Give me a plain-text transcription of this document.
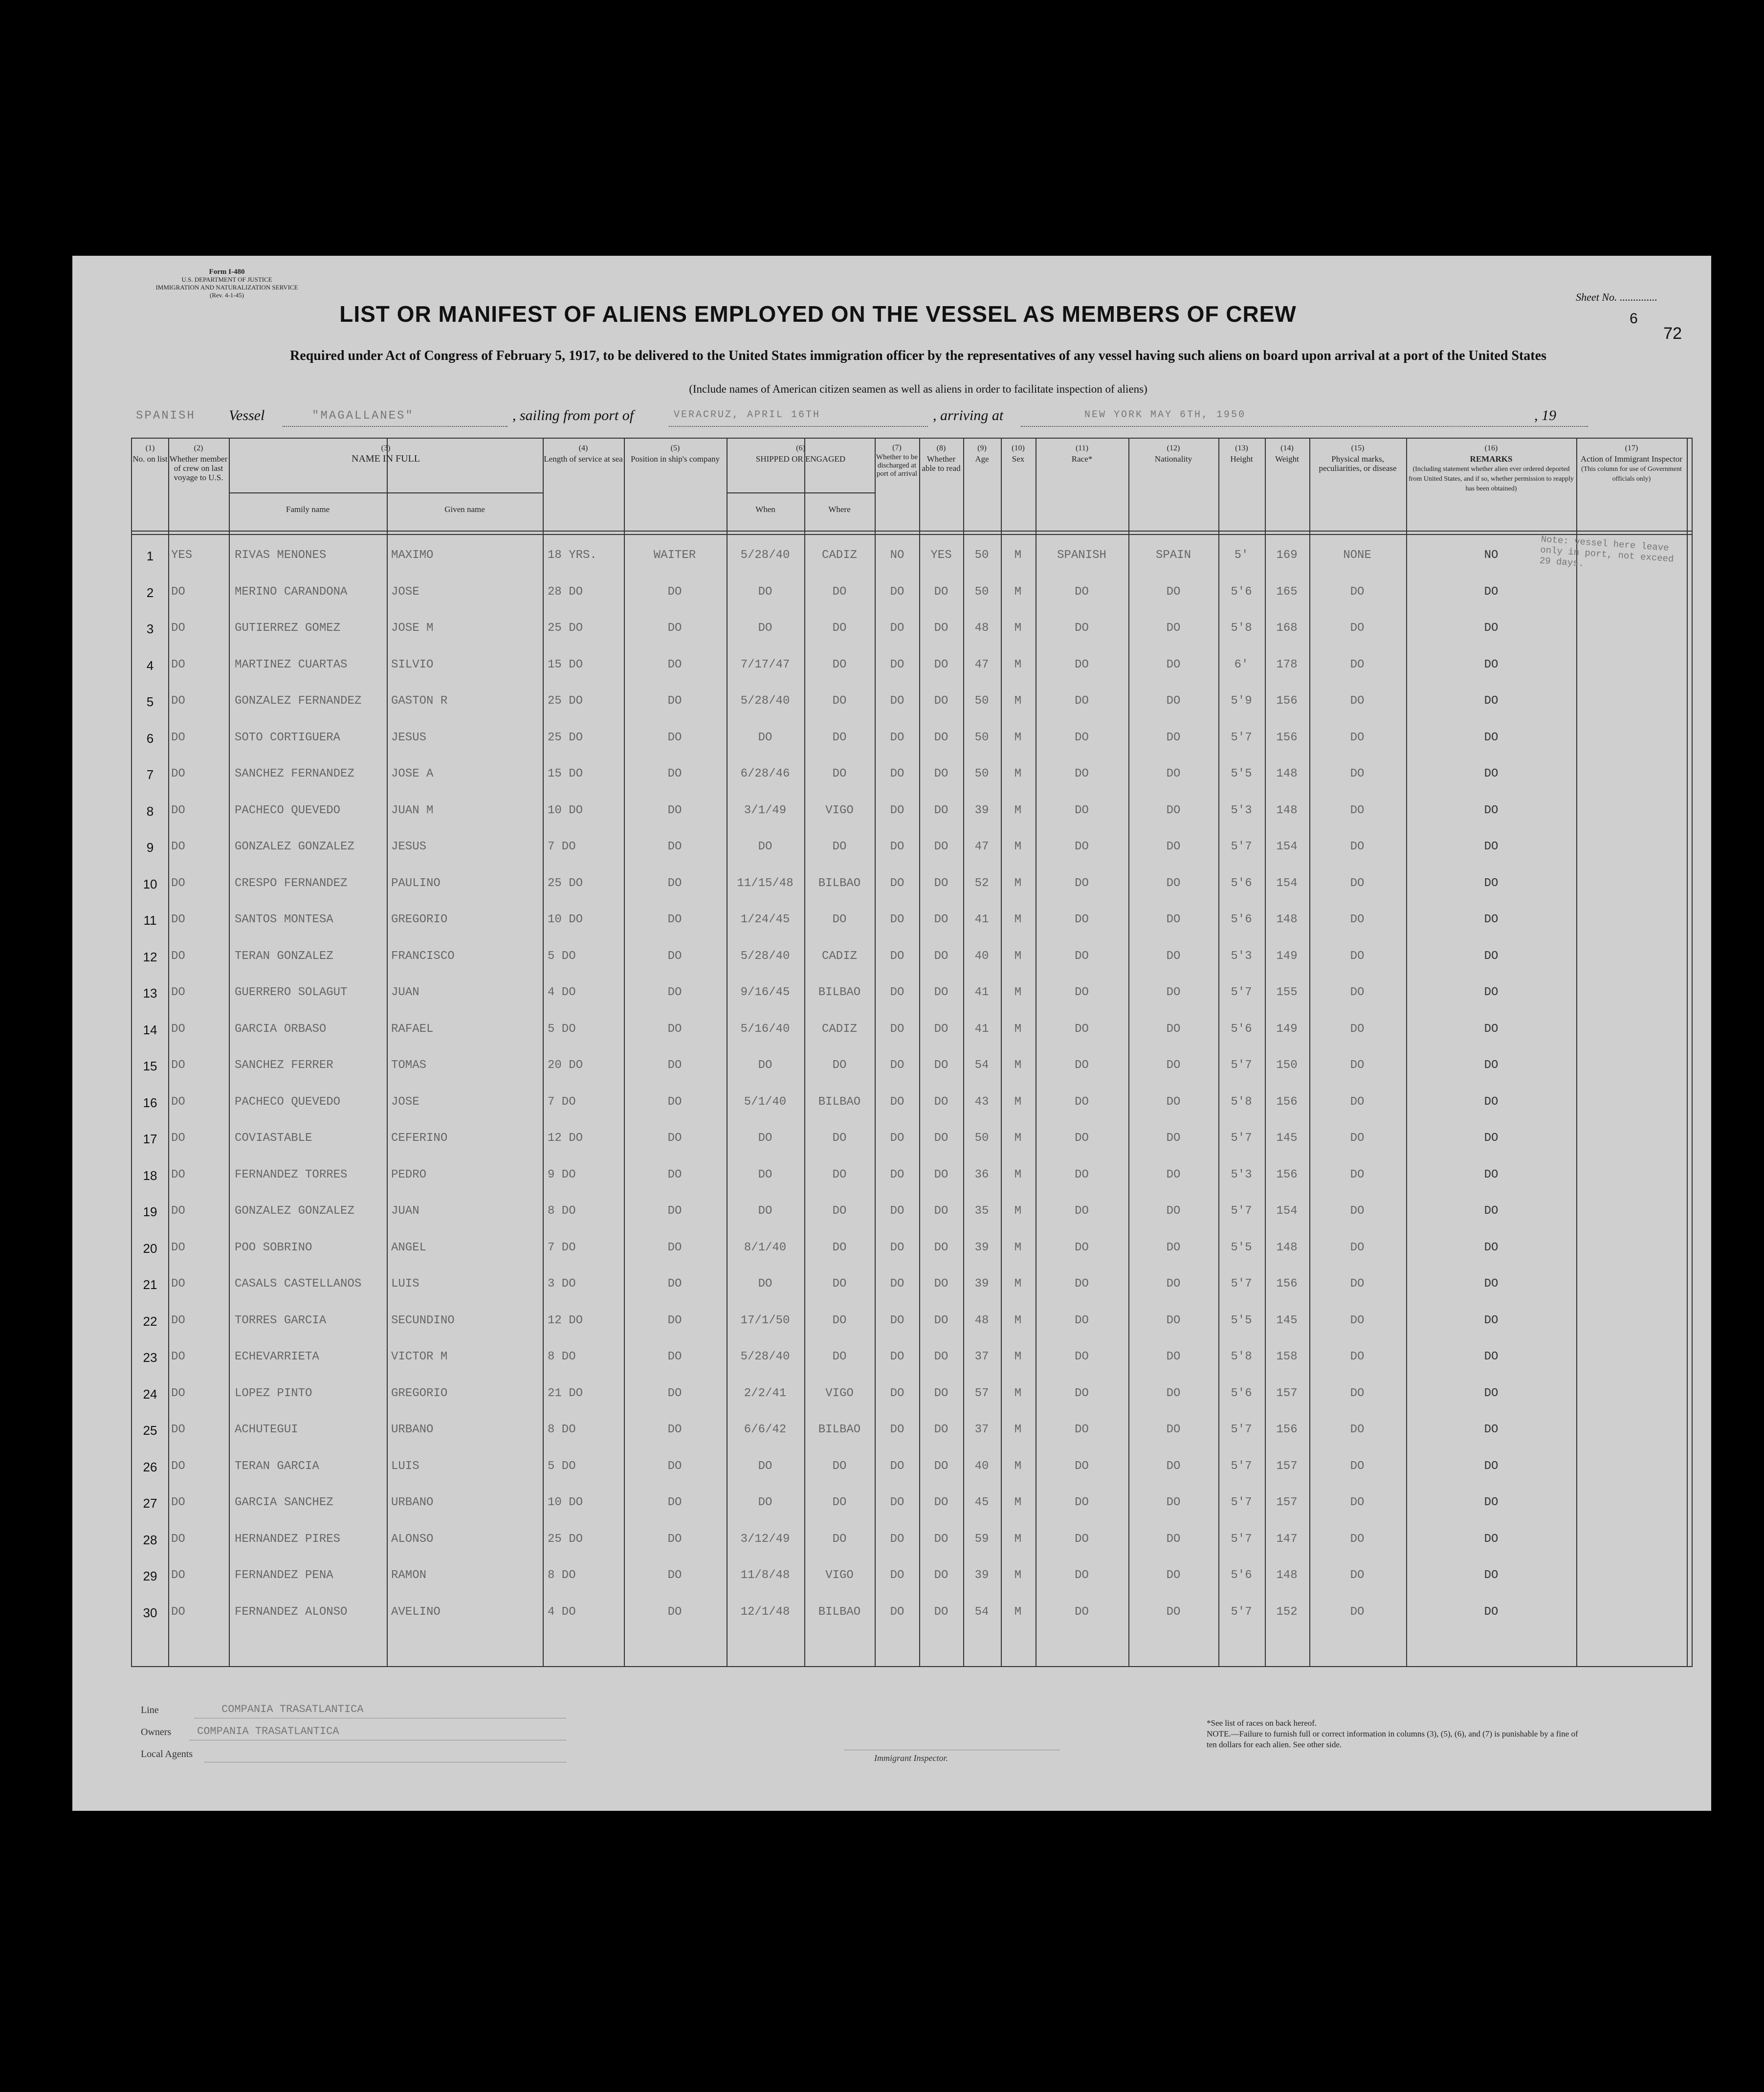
Form I-480
U.S. DEPARTMENT OF JUSTICE
IMMIGRATION AND NATURALIZATION SERVICE
(Rev. 4-1-45)	Sheet No. ..............
6
72
LIST OR MANIFEST OF ALIENS EMPLOYED ON THE VESSEL AS MEMBERS OF CREW
Required under Act of Congress of February 5, 1917, to be delivered to the United States immigration officer by the representatives of any vessel having such aliens on board upon arrival at a port of the United States
(Include names of American citizen seamen as well as aliens in order to facilitate inspection of aliens)
SPANISH Vessel	"MAGALLANES"	, sailing from port of	VERACRUZ, APRIL 16TH	, arriving at	NEW YORK MAY 6TH, 1950	, 19
(1)
No. on list
(2)
Whether member of crew on last voyage to U.S.
(3)
NAME IN FULL
Family name	Given name
(4)
Length of service at sea
(5)
Position in ship's company
(6)
SHIPPED OR ENGAGED
When	Where
(7)
Whether to be discharged at port of arrival
(8)
Whether able to read
(9)
Age
(10)
Sex
(11)
Race*
(12)
Nationality
(13)
Height
(14)
Weight
(15)
Physical marks, peculiarities, or disease
(16)
REMARKS
(Including statement whether alien ever ordered deported from United States, and if so, whether permission to reapply has been obtained)
(17)
Action of Immigrant Inspector
(This column for use of Government officials only)
Note: vessel here leave only in port, not exceed 29 days.
1	YES	RIVAS MENONES	MAXIMO	18 YRS.	WAITER	5/28/40	CADIZ	NO	YES	50	M	SPANISH	SPAIN	5'	169	NONE	NO
2	DO	MERINO CARANDONA	JOSE	28 DO	DO	DO	DO	DO	DO	50	M	DO	DO	5'6	165	DO	DO
3	DO	GUTIERREZ GOMEZ	JOSE M	25 DO	DO	DO	DO	DO	DO	48	M	DO	DO	5'8	168	DO	DO
4	DO	MARTINEZ CUARTAS	SILVIO	15 DO	DO	7/17/47	DO	DO	DO	47	M	DO	DO	6'	178	DO	DO
5	DO	GONZALEZ FERNANDEZ	GASTON R	25 DO	DO	5/28/40	DO	DO	DO	50	M	DO	DO	5'9	156	DO	DO
6	DO	SOTO CORTIGUERA	JESUS	25 DO	DO	DO	DO	DO	DO	50	M	DO	DO	5'7	156	DO	DO
7	DO	SANCHEZ FERNANDEZ	JOSE A	15 DO	DO	6/28/46	DO	DO	DO	50	M	DO	DO	5'5	148	DO	DO
8	DO	PACHECO QUEVEDO	JUAN M	10 DO	DO	3/1/49	VIGO	DO	DO	39	M	DO	DO	5'3	148	DO	DO
9	DO	GONZALEZ GONZALEZ	JESUS	7 DO	DO	DO	DO	DO	DO	47	M	DO	DO	5'7	154	DO	DO
10	DO	CRESPO FERNANDEZ	PAULINO	25 DO	DO	11/15/48	BILBAO	DO	DO	52	M	DO	DO	5'6	154	DO	DO
11	DO	SANTOS MONTESA	GREGORIO	10 DO	DO	1/24/45	DO	DO	DO	41	M	DO	DO	5'6	148	DO	DO
12	DO	TERAN GONZALEZ	FRANCISCO	5 DO	DO	5/28/40	CADIZ	DO	DO	40	M	DO	DO	5'3	149	DO	DO
13	DO	GUERRERO SOLAGUT	JUAN	4 DO	DO	9/16/45	BILBAO	DO	DO	41	M	DO	DO	5'7	155	DO	DO
14	DO	GARCIA ORBASO	RAFAEL	5 DO	DO	5/16/40	CADIZ	DO	DO	41	M	DO	DO	5'6	149	DO	DO
15	DO	SANCHEZ FERRER	TOMAS	20 DO	DO	DO	DO	DO	DO	54	M	DO	DO	5'7	150	DO	DO
16	DO	PACHECO QUEVEDO	JOSE	7 DO	DO	5/1/40	BILBAO	DO	DO	43	M	DO	DO	5'8	156	DO	DO
17	DO	COVIASTABLE	CEFERINO	12 DO	DO	DO	DO	DO	DO	50	M	DO	DO	5'7	145	DO	DO
18	DO	FERNANDEZ TORRES	PEDRO	9 DO	DO	DO	DO	DO	DO	36	M	DO	DO	5'3	156	DO	DO
19	DO	GONZALEZ GONZALEZ	JUAN	8 DO	DO	DO	DO	DO	DO	35	M	DO	DO	5'7	154	DO	DO
20	DO	POO SOBRINO	ANGEL	7 DO	DO	8/1/40	DO	DO	DO	39	M	DO	DO	5'5	148	DO	DO
21	DO	CASALS CASTELLANOS	LUIS	3 DO	DO	DO	DO	DO	DO	39	M	DO	DO	5'7	156	DO	DO
22	DO	TORRES GARCIA	SECUNDINO	12 DO	DO	17/1/50	DO	DO	DO	48	M	DO	DO	5'5	145	DO	DO
23	DO	ECHEVARRIETA	VICTOR M	8 DO	DO	5/28/40	DO	DO	DO	37	M	DO	DO	5'8	158	DO	DO
24	DO	LOPEZ PINTO	GREGORIO	21 DO	DO	2/2/41	VIGO	DO	DO	57	M	DO	DO	5'6	157	DO	DO
25	DO	ACHUTEGUI	URBANO	8 DO	DO	6/6/42	BILBAO	DO	DO	37	M	DO	DO	5'7	156	DO	DO
26	DO	TERAN GARCIA	LUIS	5 DO	DO	DO	DO	DO	DO	40	M	DO	DO	5'7	157	DO	DO
27	DO	GARCIA SANCHEZ	URBANO	10 DO	DO	DO	DO	DO	DO	45	M	DO	DO	5'7	157	DO	DO
28	DO	HERNANDEZ PIRES	ALONSO	25 DO	DO	3/12/49	DO	DO	DO	59	M	DO	DO	5'7	147	DO	DO
29	DO	FERNANDEZ PENA	RAMON	8 DO	DO	11/8/48	VIGO	DO	DO	39	M	DO	DO	5'6	148	DO	DO
30	DO	FERNANDEZ ALONSO	AVELINO	4 DO	DO	12/1/48	BILBAO	DO	DO	54	M	DO	DO	5'7	152	DO	DO
Line	COMPANIA TRASATLANTICA
Owners COMPANIA TRASATLANTICA
Local Agents	Immigrant Inspector.
*See list of races on back hereof.
NOTE.—Failure to furnish full or correct information in columns (3), (5), (6), and (7) is punishable by a fine of ten dollars for each alien. See other side.
